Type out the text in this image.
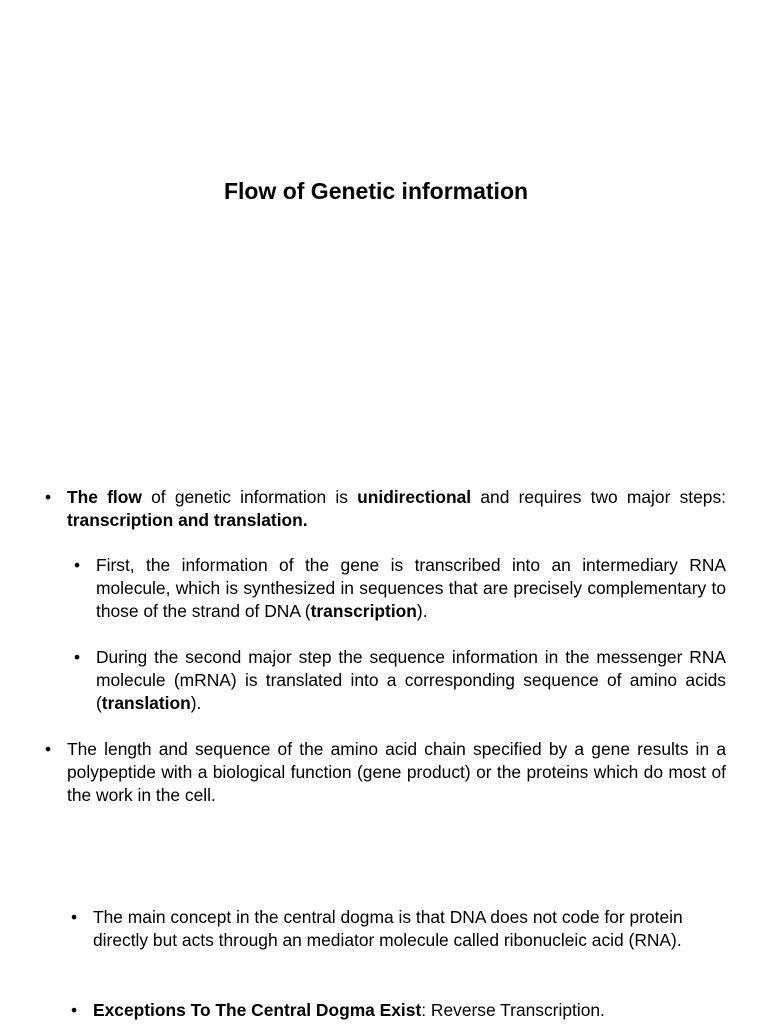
Flow of Genetic information
• The flow of genetic information is unidirectional and requires two major steps: transcription and translation.
• First, the information of the gene is transcribed into an intermediary RNA molecule, which is synthesized in sequences that are precisely complementary to those of the strand of DNA (transcription).
• During the second major step the sequence information in the messenger RNA molecule (mRNA) is translated into a corresponding sequence of amino acids (translation).
• The length and sequence of the amino acid chain specified by a gene results in a polypeptide with a biological function (gene product) or the proteins which do most of the work in the cell.
• The main concept in the central dogma is that DNA does not code for protein directly but acts through an mediator molecule called ribonucleic acid (RNA).
• Exceptions To The Central Dogma Exist: Reverse Transcription.
